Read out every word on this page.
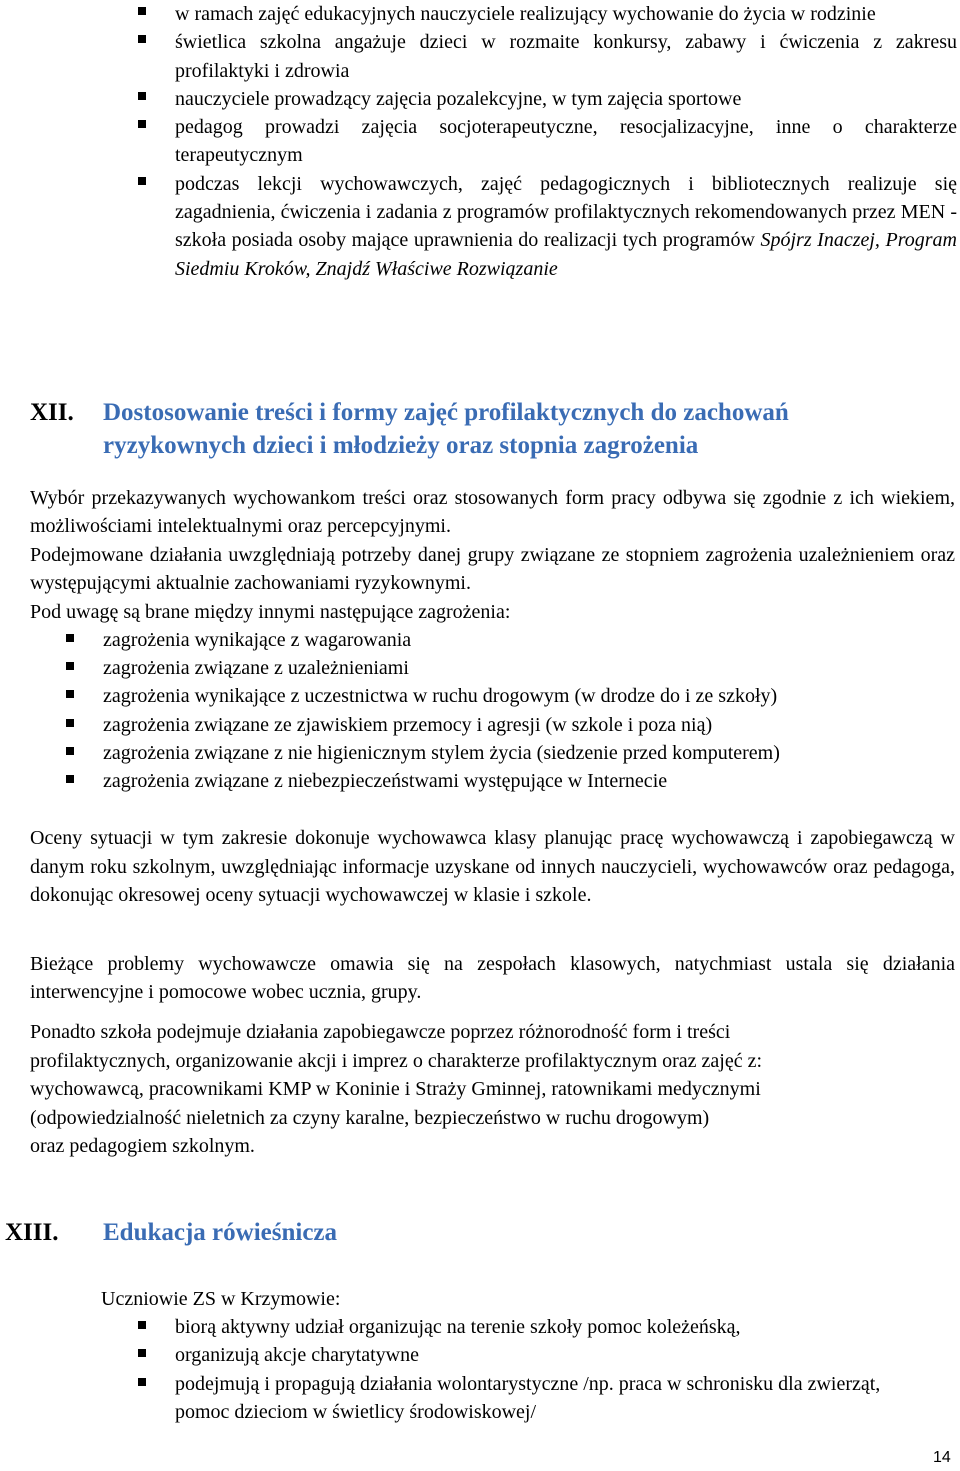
w ramach zajęć edukacyjnych nauczyciele realizujący wychowanie do życia w rodzinie
świetlica szkolna angażuje dzieci w rozmaite konkursy, zabawy i ćwiczenia z zakresu profilaktyki i zdrowia
nauczyciele prowadzący zajęcia pozalekcyjne, w tym zajęcia sportowe
pedagog prowadzi zajęcia socjoterapeutyczne, resocjalizacyjne, inne o charakterze terapeutycznym
podczas lekcji wychowawczych, zajęć pedagogicznych i bibliotecznych realizuje się zagadnienia, ćwiczenia i zadania z programów profilaktycznych rekomendowanych przez MEN - szkoła posiada osoby mające uprawnienia do realizacji tych programów Spójrz Inaczej, Program Siedmiu Kroków, Znajdź Właściwe Rozwiązanie
XII. Dostosowanie treści i formy zajęć profilaktycznych do zachowań
ryzykownych dzieci i młodzieży oraz stopnia zagrożenia

Wybór przekazywanych wychowankom treści oraz stosowanych form pracy odbywa się zgodnie z ich wiekiem, możliwościami intelektualnymi oraz percepcyjnymi.

Podejmowane działania uwzględniają potrzeby danej grupy związane ze stopniem zagrożenia uzależnieniem oraz występującymi aktualnie zachowaniami ryzykownymi.

Pod uwagę są brane między innymi następujące zagrożenia:

zagrożenia wynikające z wagarowania
zagrożenia związane z uzależnieniami
zagrożenia wynikające z uczestnictwa w ruchu drogowym (w drodze do i ze szkoły)
zagrożenia związane ze zjawiskiem przemocy i agresji (w szkole i poza nią)
zagrożenia związane z nie higienicznym stylem życia (siedzenie przed komputerem)
zagrożenia związane z niebezpieczeństwami występujące w Internecie

Oceny sytuacji w tym zakresie dokonuje wychowawca klasy planując pracę wychowawczą i zapobiegawczą w danym roku szkolnym, uwzględniając informacje uzyskane od innych nauczycieli, wychowawców oraz pedagoga, dokonując okresowej oceny sytuacji wychowawczej w klasie i szkole.

Bieżące problemy wychowawcze omawia się na zespołach klasowych, natychmiast ustala się działania interwencyjne i pomocowe wobec ucznia, grupy.

Ponadto szkoła podejmuje działania zapobiegawcze poprzez różnorodność form i treści
profilaktycznych, organizowanie akcji i imprez o charakterze profilaktycznym oraz zajęć z:
wychowawcą, pracownikami KMP w Koninie i Straży Gminnej, ratownikami medycznymi
(odpowiedzialność nieletnich za czyny karalne, bezpieczeństwo w ruchu drogowym)
oraz pedagogiem szkolnym.
XIII. Edukacja rówieśnicza

Uczniowie ZS w Krzymowie:

biorą aktywny udział organizując na terenie szkoły pomoc koleżeńską,
organizują akcje charytatywne
podejmują i propagują działania wolontarystyczne /np. praca w schronisku dla zwierząt, pomoc dzieciom w świetlicy środowiskowej/
14
